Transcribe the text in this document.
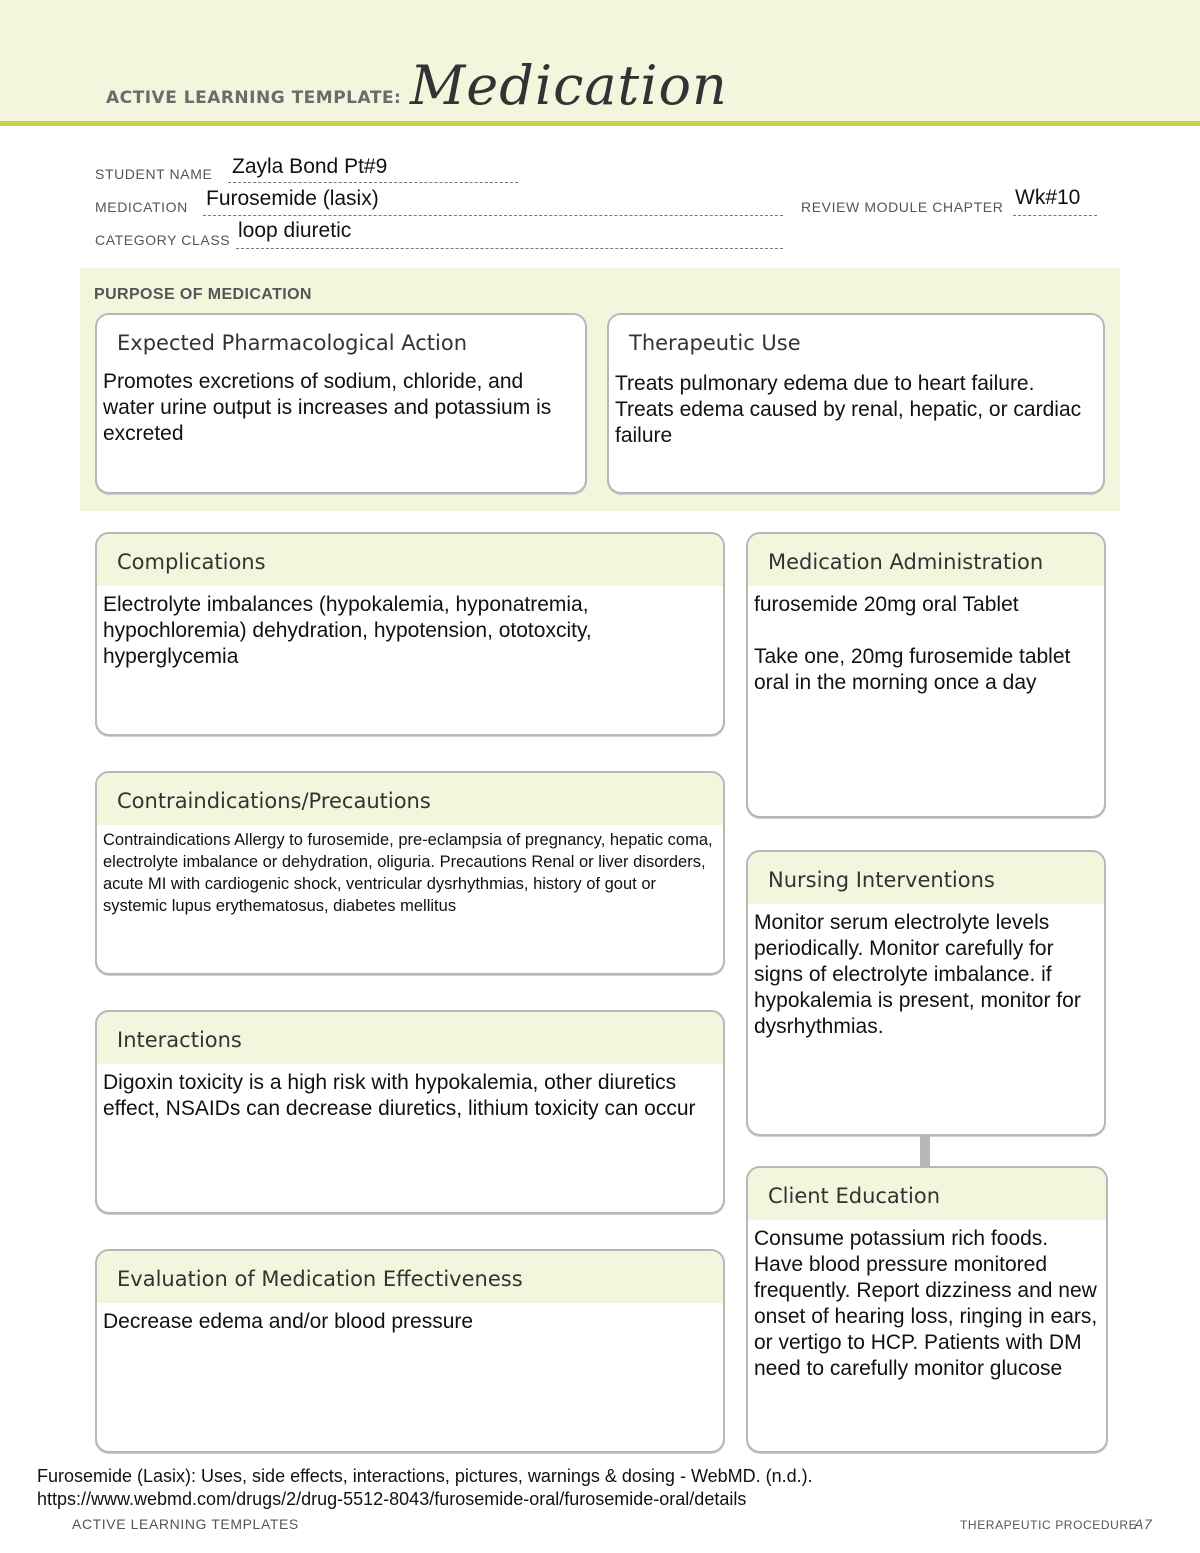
ACTIVE LEARNING TEMPLATE: Medication
STUDENT NAME Zayla Bond Pt#9
MEDICATION Furosemide (lasix)	REVIEW MODULE CHAPTER Wk#10
CATEGORY CLASS loop diuretic
PURPOSE OF MEDICATION
Expected Pharmacological Action

Promotes excretions of sodium, chloride, and water urine output is increases and potassium is excreted

Therapeutic Use

Treats pulmonary edema due to heart failure. Treats edema caused by renal, hepatic, or cardiac failure

Complications

Electrolyte imbalances (hypokalemia, hyponatremia, hypochloremia) dehydration, hypotension, ototoxcity, hyperglycemia

Contraindications/Precautions

Contraindications Allergy to furosemide, pre-eclampsia of pregnancy, hepatic coma, electrolyte imbalance or dehydration, oliguria. Precautions Renal or liver disorders, acute MI with cardiogenic shock, ventricular dysrhythmias, history of gout or systemic lupus erythematosus, diabetes mellitus

Interactions

Digoxin toxicity is a high risk with hypokalemia, other diuretics effect, NSAIDs can decrease diuretics, lithium toxicity can occur

Evaluation of Medication Effectiveness

Decrease edema and/or blood pressure

Medication Administration

furosemide 20mg oral Tablet

Take one, 20mg furosemide tablet oral in the morning once a day

Nursing Interventions

Monitor serum electrolyte levels periodically. Monitor carefully for signs of electrolyte imbalance. if hypokalemia is present, monitor for dysrhythmias.

Client Education

Consume potassium rich foods. Have blood pressure monitored frequently. Report dizziness and new onset of hearing loss, ringing in ears, or vertigo to HCP. Patients with DM need to carefully monitor glucose

Furosemide (Lasix): Uses, side effects, interactions, pictures, warnings & dosing - WebMD. (n.d.).
https://www.webmd.com/drugs/2/drug-5512-8043/furosemide-oral/furosemide-oral/details
ACTIVE LEARNING TEMPLATES	THERAPEUTIC PROCEDURE
A7
